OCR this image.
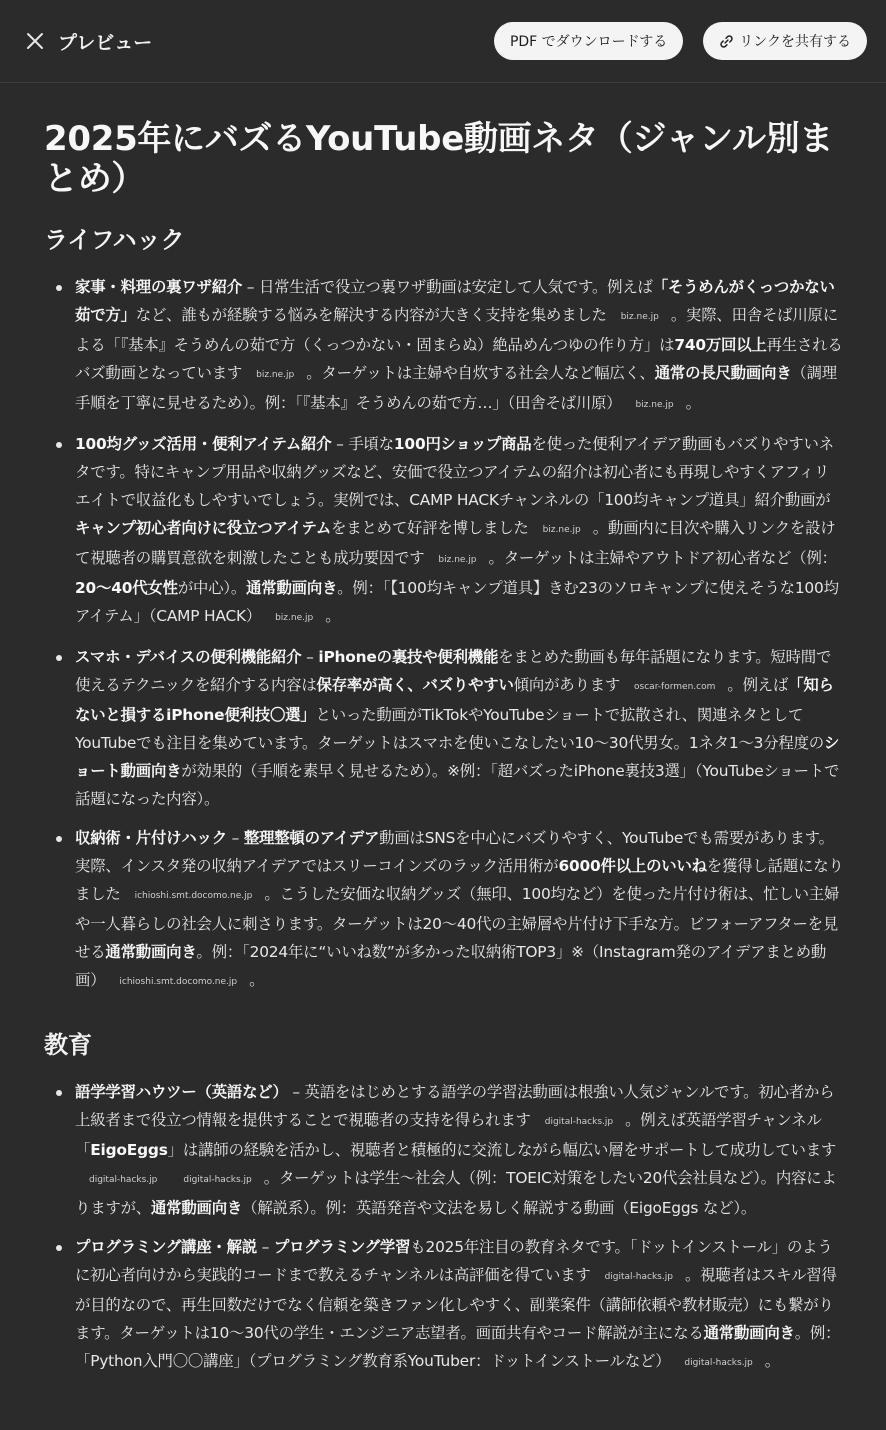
プレビュー	PDF でダウンロードする	リンクを共有する
2025年にバズるYouTube動画ネタ（ジャンル別まとめ）
ライフハック
家事・料理の裏ワザ紹介 – 日常生活で役立つ裏ワザ動画は安定して人気です。例えば「そうめんがくっつかない茹で方」など、誰もが経験する悩みを解決する内容が大きく支持を集めました biz.ne.jp 。実際、田舎そば川原による「『基本』そうめんの茹で方（くっつかない・固まらぬ）絶品めんつゆの作り方」は740万回以上再生されるバズ動画となっています biz.ne.jp 。ターゲットは主婦や自炊する社会人など幅広く、通常の長尺動画向き（調理手順を丁寧に見せるため）。例：「『基本』そうめんの茹で方…」（田舎そば川原） biz.ne.jp 。
100均グッズ活用・便利アイテム紹介 – 手頃な100円ショップ商品を使った便利アイデア動画もバズりやすいネタです。特にキャンプ用品や収納グッズなど、安価で役立つアイテムの紹介は初心者にも再現しやすくアフィリエイトで収益化もしやすいでしょう。実例では、CAMP HACKチャンネルの「100均キャンプ道具」紹介動画がキャンプ初心者向けに役立つアイテムをまとめて好評を博しました biz.ne.jp 。動画内に目次や購入リンクを設けて視聴者の購買意欲を刺激したことも成功要因です biz.ne.jp 。ターゲットは主婦やアウトドア初心者など（例：20〜40代女性が中心）。通常動画向き。例：「【100均キャンプ道具】きむ23のソロキャンプに使えそうな100均アイテム」（CAMP HACK） biz.ne.jp 。
スマホ・デバイスの便利機能紹介 – iPhoneの裏技や便利機能をまとめた動画も毎年話題になります。短時間で使えるテクニックを紹介する内容は保存率が高く、バズりやすい傾向があります oscar-formen.com 。例えば「知らないと損するiPhone便利技〇選」といった動画がTikTokやYouTubeショートで拡散され、関連ネタとしてYouTubeでも注目を集めています。ターゲットはスマホを使いこなしたい10〜30代男女。1ネタ1〜3分程度のショート動画向きが効果的（手順を素早く見せるため）。※例：「超バズったiPhone裏技3選」（YouTubeショートで話題になった内容）。
収納術・片付けハック – 整理整頓のアイデア動画はSNSを中心にバズりやすく、YouTubeでも需要があります。実際、インスタ発の収納アイデアではスリーコインズのラック活用術が6000件以上のいいねを獲得し話題になりました ichioshi.smt.docomo.ne.jp 。こうした安価な収納グッズ（無印、100均など）を使った片付け術は、忙しい主婦や一人暮らしの社会人に刺さります。ターゲットは20〜40代の主婦層や片付け下手な方。ビフォーアフターを見せる通常動画向き。例：「2024年に“いいね数”が多かった収納術TOP3」※（Instagram発のアイデアまとめ動画） ichioshi.smt.docomo.ne.jp 。
教育
語学学習ハウツー（英語など） – 英語をはじめとする語学の学習法動画は根強い人気ジャンルです。初心者から上級者まで役立つ情報を提供することで視聴者の支持を得られます digital-hacks.jp 。例えば英語学習チャンネル「EigoEggs」は講師の経験を活かし、視聴者と積極的に交流しながら幅広い層をサポートして成功していますdigital-hacks.jp	digital-hacks.jp 。ターゲットは学生〜社会人（例：TOEIC対策をしたい20代会社員など）。内容によりますが、通常動画向き（解説系）。例：英語発音や文法を易しく解説する動画（EigoEggs など）。
プログラミング講座・解説 – プログラミング学習も2025年注目の教育ネタです。「ドットインストール」のように初心者向けから実践的コードまで教えるチャンネルは高評価を得ています digital-hacks.jp 。視聴者はスキル習得が目的なので、再生回数だけでなく信頼を築きファン化しやすく、副業案件（講師依頼や教材販売）にも繋がります。ターゲットは10〜30代の学生・エンジニア志望者。画面共有やコード解説が主になる通常動画向き。例：「Python入門〇〇講座」（プログラミング教育系YouTuber：ドットインストールなど） digital-hacks.jp 。
